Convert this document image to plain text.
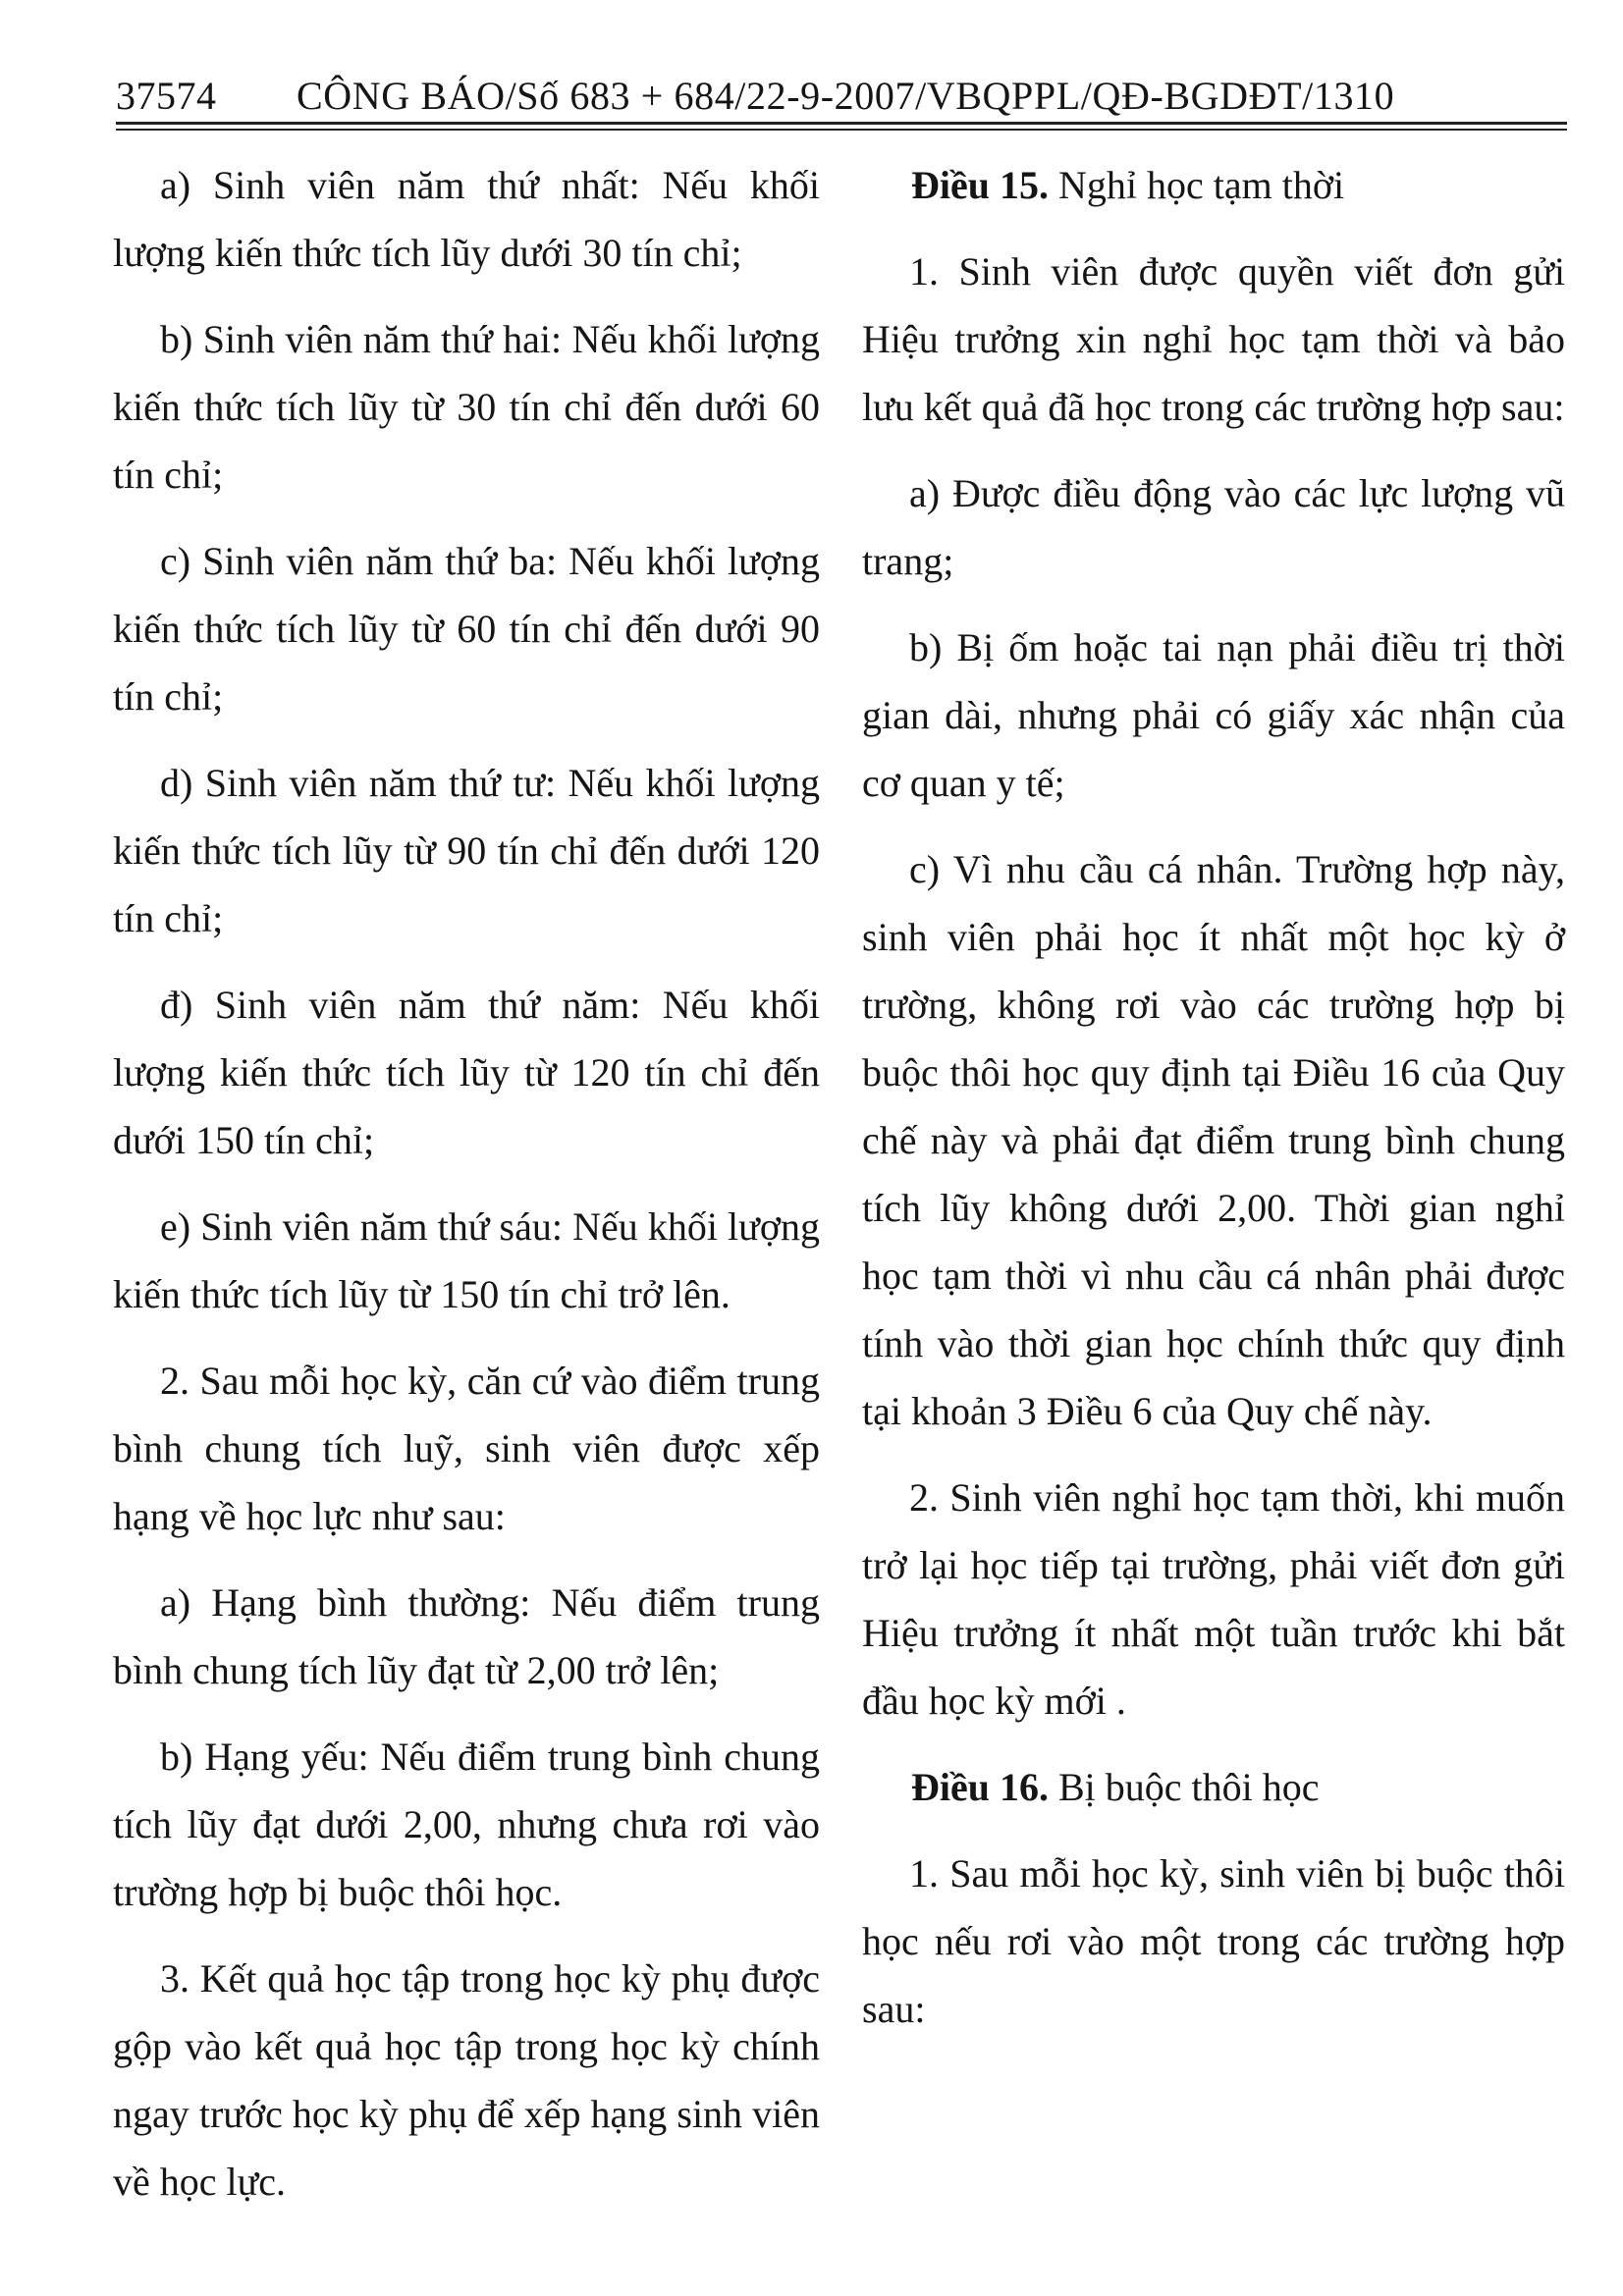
37574 CÔNG BÁO/Số 683 + 684/22-9-2007/VBQPPL/QĐ-BGDĐT/1310

a) Sinh viên năm thứ nhất: Nếu khối lượng kiến thức tích lũy dưới 30 tín chỉ;

b) Sinh viên năm thứ hai: Nếu khối lượng kiến thức tích lũy từ 30 tín chỉ đến dưới 60 tín chỉ;

c) Sinh viên năm thứ ba: Nếu khối lượng kiến thức tích lũy từ 60 tín chỉ đến dưới 90 tín chỉ;

d) Sinh viên năm thứ tư: Nếu khối lượng kiến thức tích lũy từ 90 tín chỉ đến dưới 120 tín chỉ;

đ) Sinh viên năm thứ năm: Nếu khối lượng kiến thức tích lũy từ 120 tín chỉ đến dưới 150 tín chỉ;

e) Sinh viên năm thứ sáu: Nếu khối lượng kiến thức tích lũy từ 150 tín chỉ trở lên.

2. Sau mỗi học kỳ, căn cứ vào điểm trung bình chung tích luỹ, sinh viên được xếp hạng về học lực như sau:

a) Hạng bình thường: Nếu điểm trung bình chung tích lũy đạt từ 2,00 trở lên;

b) Hạng yếu: Nếu điểm trung bình chung tích lũy đạt dưới 2,00, nhưng chưa rơi vào trường hợp bị buộc thôi học.

3. Kết quả học tập trong học kỳ phụ được gộp vào kết quả học tập trong học kỳ chính ngay trước học kỳ phụ để xếp hạng sinh viên về học lực.

Điều 15. Nghỉ học tạm thời

1. Sinh viên được quyền viết đơn gửi Hiệu trưởng xin nghỉ học tạm thời và bảo lưu kết quả đã học trong các trường hợp sau:

a) Được điều động vào các lực lượng vũ trang;

b) Bị ốm hoặc tai nạn phải điều trị thời gian dài, nhưng phải có giấy xác nhận của cơ quan y tế;

c) Vì nhu cầu cá nhân. Trường hợp này, sinh viên phải học ít nhất một học kỳ ở trường, không rơi vào các trường hợp bị buộc thôi học quy định tại Điều 16 của Quy chế này và phải đạt điểm trung bình chung tích lũy không dưới 2,00. Thời gian nghỉ học tạm thời vì nhu cầu cá nhân phải được tính vào thời gian học chính thức quy định tại khoản 3 Điều 6 của Quy chế này.

2. Sinh viên nghỉ học tạm thời, khi muốn trở lại học tiếp tại trường, phải viết đơn gửi Hiệu trưởng ít nhất một tuần trước khi bắt đầu học kỳ mới .

Điều 16. Bị buộc thôi học

1. Sau mỗi học kỳ, sinh viên bị buộc thôi học nếu rơi vào một trong các trường hợp sau:
